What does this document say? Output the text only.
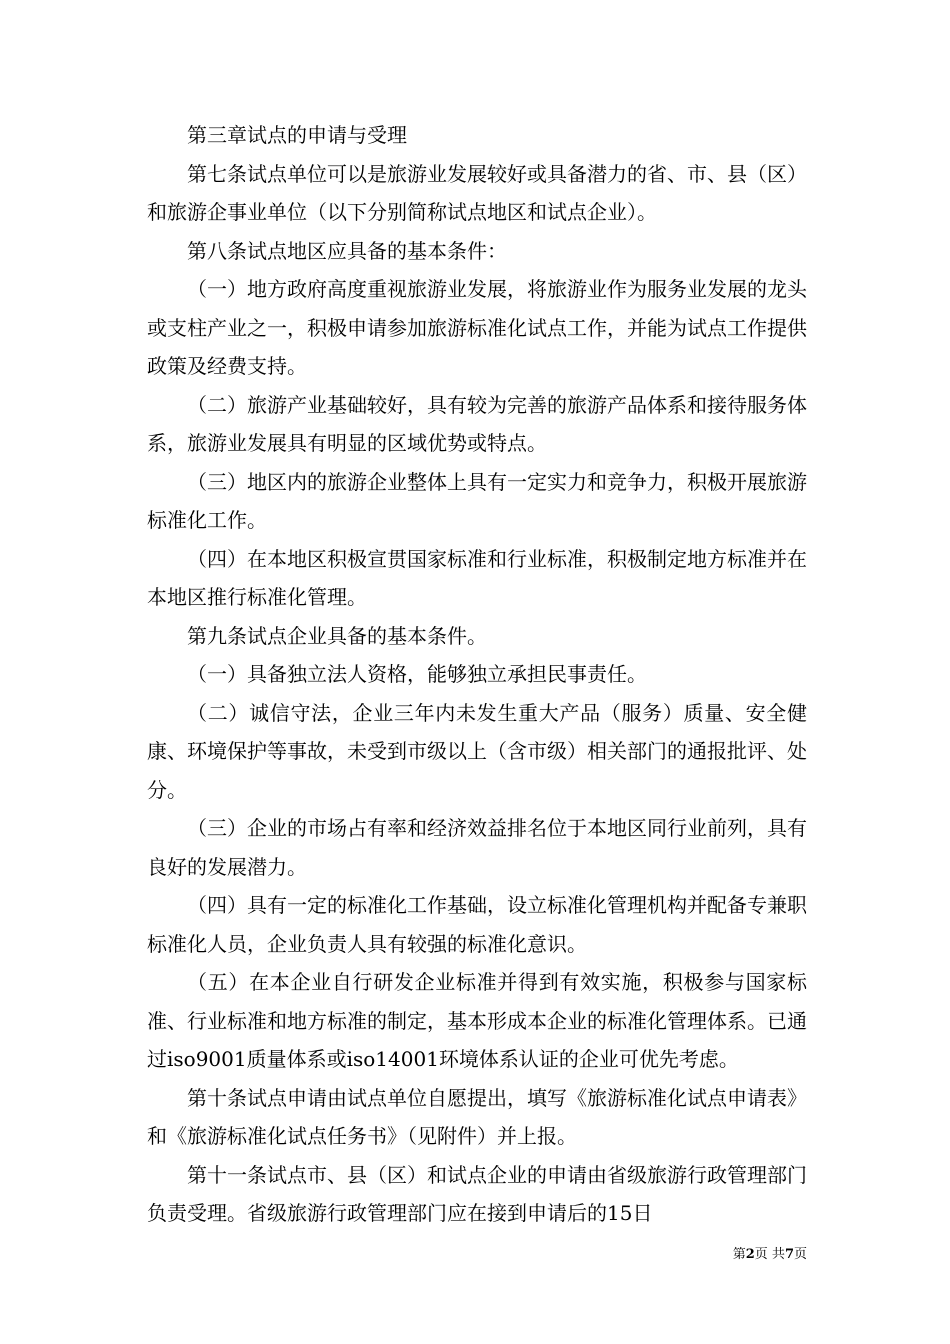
第三章试点的申请与受理

第七条试点单位可以是旅游业发展较好或具备潜力的省、市、县（区）和旅游企事业单位（以下分别简称试点地区和试点企业）。

第八条试点地区应具备的基本条件：

（一）地方政府高度重视旅游业发展，将旅游业作为服务业发展的龙头或支柱产业之一，积极申请参加旅游标准化试点工作，并能为试点工作提供政策及经费支持。

（二）旅游产业基础较好，具有较为完善的旅游产品体系和接待服务体系，旅游业发展具有明显的区域优势或特点。

（三）地区内的旅游企业整体上具有一定实力和竞争力，积极开展旅游标准化工作。

（四）在本地区积极宣贯国家标准和行业标准，积极制定地方标准并在本地区推行标准化管理。

第九条试点企业具备的基本条件。

（一）具备独立法人资格，能够独立承担民事责任。

（二）诚信守法，企业三年内未发生重大产品（服务）质量、安全健康、环境保护等事故，未受到市级以上（含市级）相关部门的通报批评、处分。

（三）企业的市场占有率和经济效益排名位于本地区同行业前列，具有良好的发展潜力。

（四）具有一定的标准化工作基础，设立标准化管理机构并配备专兼职标准化人员，企业负责人具有较强的标准化意识。

（五）在本企业自行研发企业标准并得到有效实施，积极参与国家标准、行业标准和地方标准的制定，基本形成本企业的标准化管理体系。已通过iso9001质量体系或iso14001环境体系认证的企业可优先考虑。

第十条试点申请由试点单位自愿提出，填写《旅游标准化试点申请表》和《旅游标准化试点任务书》（见附件）并上报。

第十一条试点市、县（区）和试点企业的申请由省级旅游行政管理部门负责受理。省级旅游行政管理部门应在接到申请后的15日

第2页 共7页
